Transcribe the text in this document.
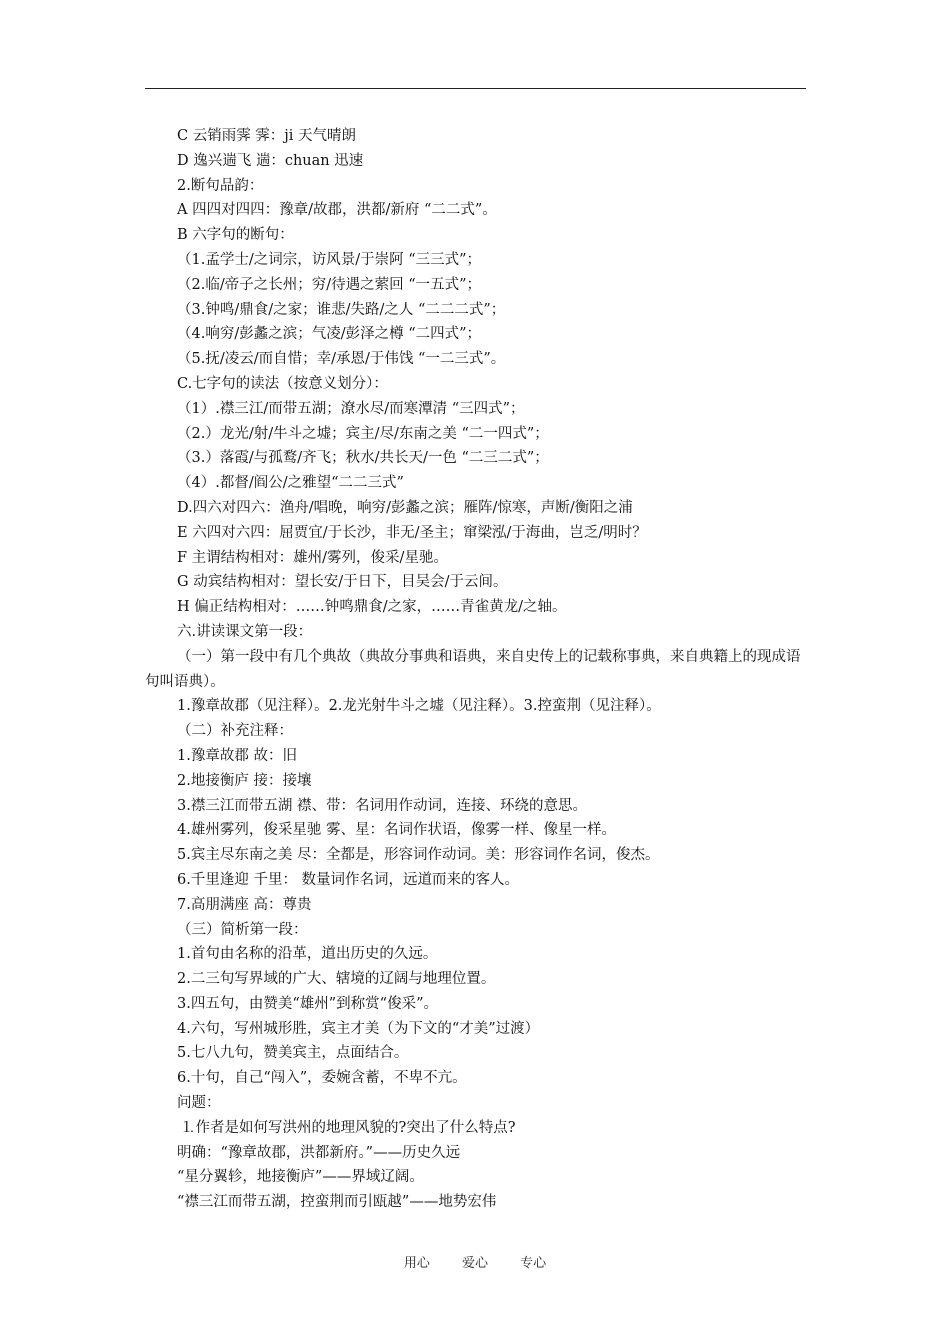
C 云销雨霁 霁：ji 天气晴朗
D 逸兴遄飞 遄：chuan 迅速
2.断句品韵：
A 四四对四四：豫章/故郡，洪都/新府 “二二式”。
B 六字句的断句：
（1.孟学士/之词宗，访风景/于崇阿 “三三式”；
（2.临/帝子之长州；穷/待遇之萦回 “一五式”；
（3.钟鸣/鼎食/之家；谁悲/失路/之人 “二二二式”；
（4.响穷/彭蠡之滨；气凌/彭泽之樽 “二四式”；
（5.抚/凌云/而自惜；幸/承恩/于伟饯 “一二三式”。
C.七字句的读法（按意义划分）：
（1）.襟三江/而带五湖；潦水尽/而寒潭清 “三四式”；
（2.）龙光/射/牛斗之墟；宾主/尽/东南之美 “二一四式”；
（3.）落霞/与孤鹜/齐飞；秋水/共长天/一色 “二三二式”；
（4）.都督/阎公/之雅望“二二三式”
D.四六对四六：渔舟/唱晚，响穷/彭蠡之滨；雁阵/惊寒，声断/衡阳之浦
E 六四对六四：屈贾宜/于长沙，非无/圣主；窜梁泓/于海曲，岂乏/明时？
F 主谓结构相对：雄州/雾列，俊采/星驰。
G 动宾结构相对：望长安/于日下，目吴会/于云间。
H 偏正结构相对：……钟鸣鼎食/之家，……青雀黄龙/之轴。
六.讲读课文第一段：
（一）第一段中有几个典故（典故分事典和语典，来自史传上的记载称事典，来自典籍上的现成语句叫语典）。
1.豫章故郡（见注释）。2.龙光射牛斗之墟（见注释）。3.控蛮荆（见注释）。
（二）补充注释：
1.豫章故郡 故：旧
2.地接衡庐 接：接壤
3.襟三江而带五湖 襟、带：名词用作动词，连接、环绕的意思。
4.雄州雾列，俊采星驰 雾、星：名词作状语，像雾一样、像星一样。
5.宾主尽东南之美 尽：全都是，形容词作动词。美：形容词作名词，俊杰。
6.千里逢迎 千里： 数量词作名词，远道而来的客人。
7.高朋满座 高：尊贵
（三）简析第一段：
1.首句由名称的沿革，道出历史的久远。
2.二三句写界域的广大、辖境的辽阔与地理位置。
3.四五句，由赞美“雄州”到称赏“俊采”。
4.六句，写州城形胜，宾主才美（为下文的“才美”过渡）
5.七八九句，赞美宾主，点面结合。
6.十句，自己“闯入”，委婉含蓄，不卑不亢。
问题：
⒈作者是如何写洪州的地理风貌的?突出了什么特点?
明确：“豫章故郡，洪都新府。”——历史久远
“星分翼轸，地接衡庐”——界域辽阔。
“襟三江而带五湖，控蛮荆而引瓯越”——地势宏伟
用心 爱心 专心
